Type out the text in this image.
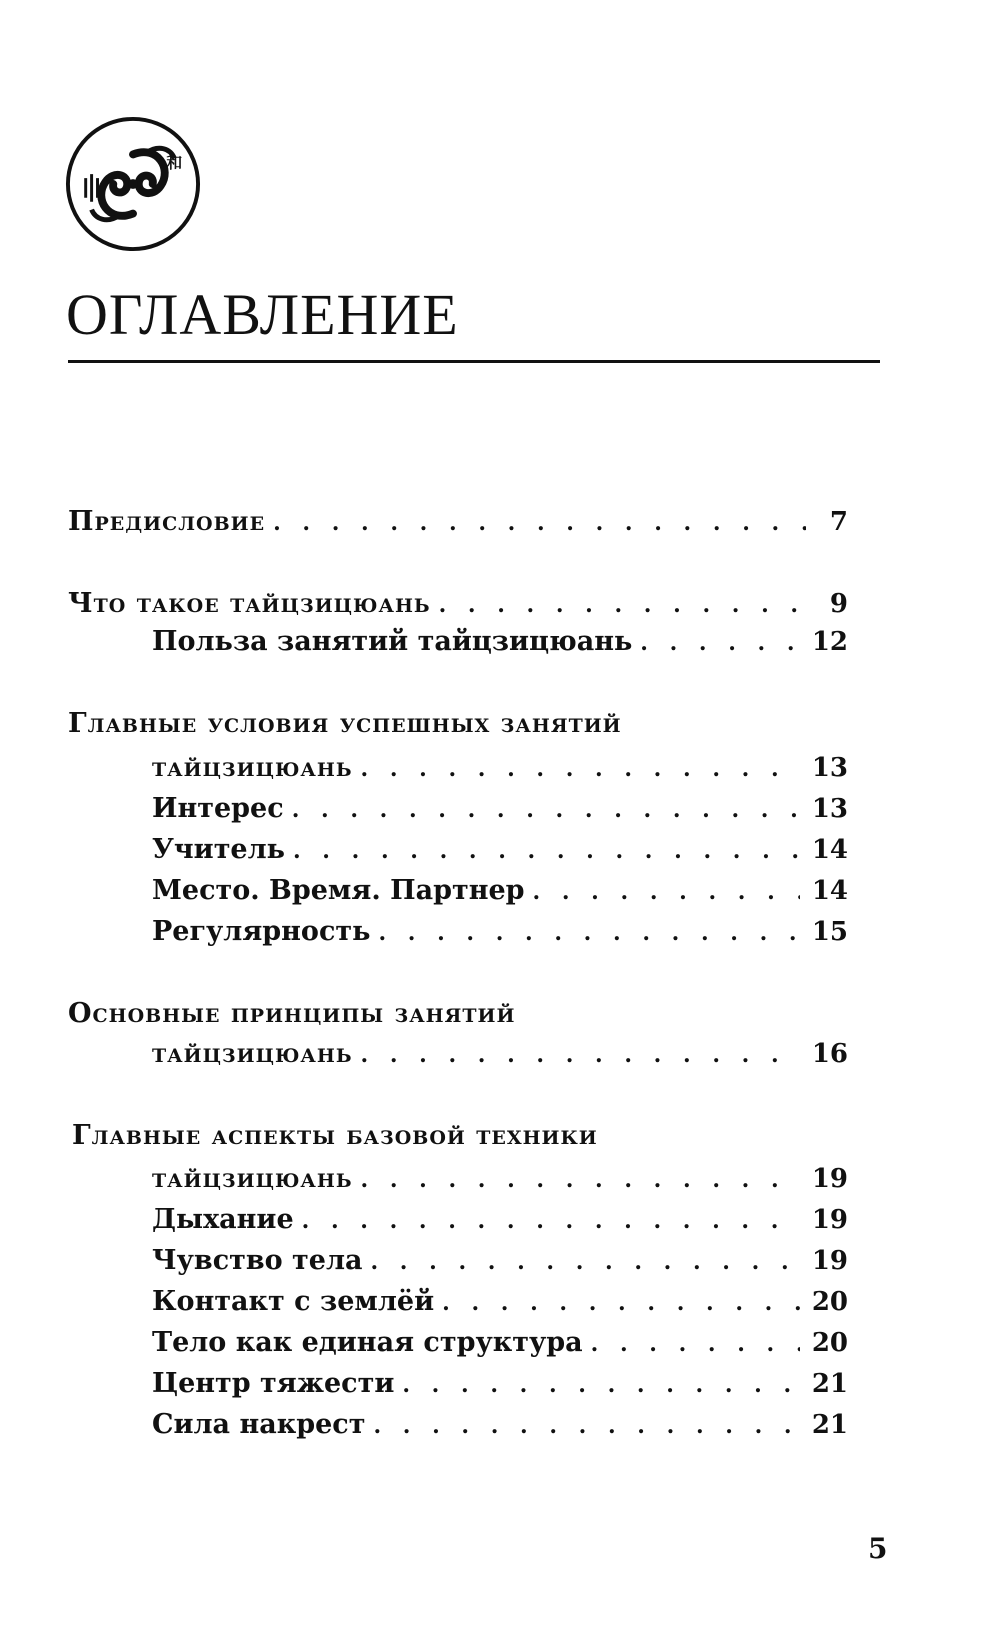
和
ОГЛАВЛЕНИЕ
Предисловие . . .	7
Что такое тайцзицюань . . .	9
Польза занятий тайцзицюань . . .	12
Главные условия успешных занятий
тайцзицюань . . .	13
Интерес . . .	13
Учитель . . .	14
Место. Время. Партнер . . .	14
Регулярность . . .	15
Основные принципы занятий
тайцзицюань . . .	16
Главные аспекты базовой техники
тайцзицюань . . .	19
Дыхание . . .	19
Чувство тела . . .	19
Контакт с землёй . . .	20
Тело как единая структура . . .	20
Центр тяжести . . .	21
Сила накрест . . .	21
5
